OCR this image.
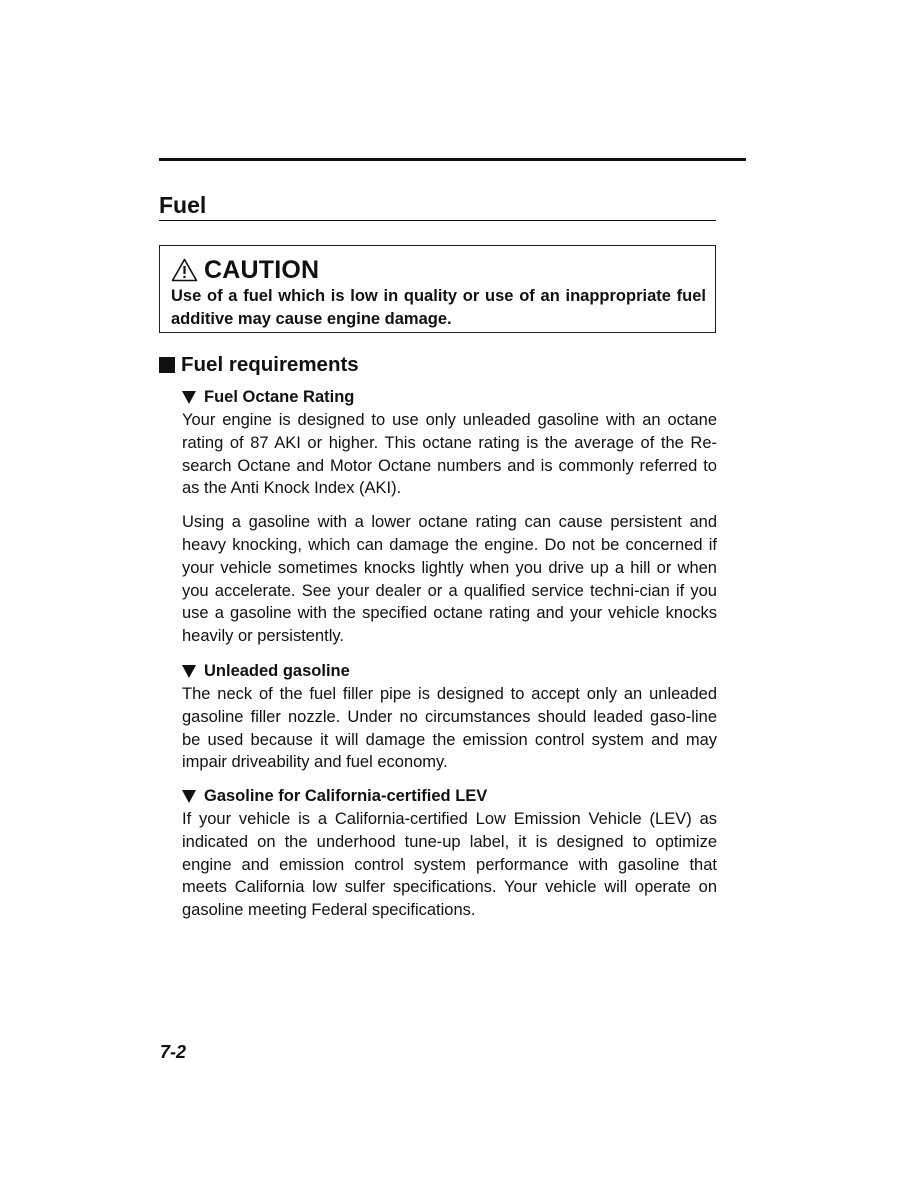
Fuel
CAUTION

Use of a fuel which is low in quality or use of an inappropriate fuel additive may cause engine damage.

Fuel requirements
Fuel Octane Rating

Your engine is designed to use only unleaded gasoline with an octane rating of 87 AKI or higher. This octane rating is the average of the Re-search Octane and Motor Octane numbers and is commonly referred to as the Anti Knock Index (AKI).

Using a gasoline with a lower octane rating can cause persistent and heavy knocking, which can damage the engine. Do not be concerned if your vehicle sometimes knocks lightly when you drive up a hill or when you accelerate. See your dealer or a qualified service techni-cian if you use a gasoline with the specified octane rating and your vehicle knocks heavily or persistently.

Unleaded gasoline

The neck of the fuel filler pipe is designed to accept only an unleaded gasoline filler nozzle. Under no circumstances should leaded gaso-line be used because it will damage the emission control system and may impair driveability and fuel economy.

Gasoline for California-certified LEV

If your vehicle is a California-certified Low Emission Vehicle (LEV) as indicated on the underhood tune-up label, it is designed to optimize engine and emission control system performance with gasoline that meets California low sulfer specifications. Your vehicle will operate on gasoline meeting Federal specifications.

7-2
